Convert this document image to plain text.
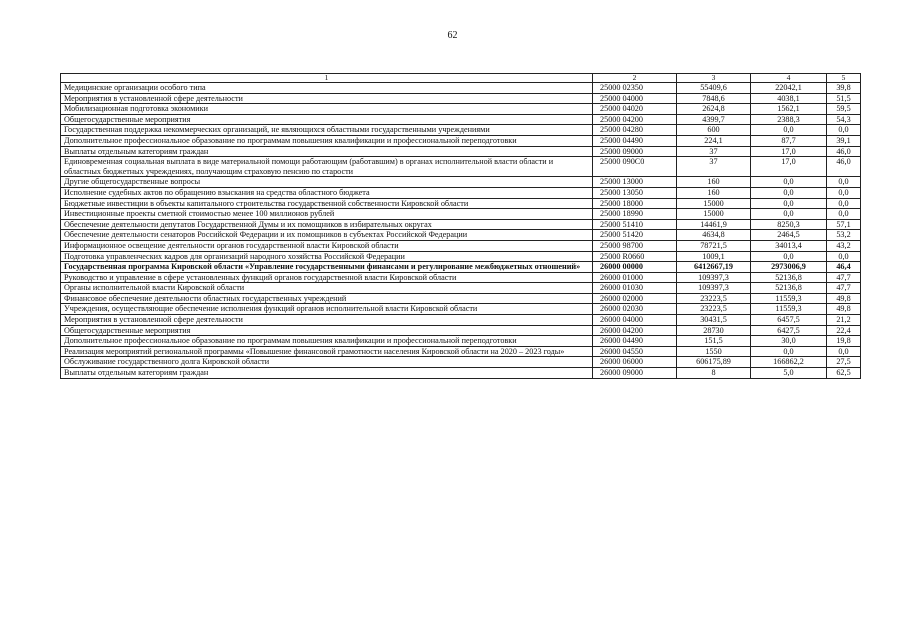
62
1	2	3	4	5
Медицинские организации особого типа	25000 02350	55409,6	22042,1	39,8
Мероприятия в установленной сфере деятельности	25000 04000	7848,6	4038,1	51,5
Мобилизационная подготовка экономики	25000 04020	2624,8	1562,1	59,5
Общегосударственные мероприятия	25000 04200	4399,7	2388,3	54,3
Государственная поддержка некоммерческих организаций, не являющихся областными государственными учреждениями	25000 04280	600	0,0	0,0
Дополнительное профессиональное образование по программам повышения квалификации и профессиональной переподготовки	25000 04490	224,1	87,7	39,1
Выплаты отдельным категориям граждан	25000 09000	37	17,0	46,0
Единовременная социальная выплата в виде материальной помощи работающим (работавшим) в органах исполнительной власти области и областных бюджетных учреждениях, получающим страховую пенсию по старости	25000 090С0	37	17,0	46,0
Другие общегосударственные вопросы	25000 13000	160	0,0	0,0
Исполнение судебных актов по обращению взыскания на средства областного бюджета	25000 13050	160	0,0	0,0
Бюджетные инвестиции в объекты капитального строительства государственной собственности Кировской области	25000 18000	15000	0,0	0,0
Инвестиционные проекты сметной стоимостью менее 100 миллионов рублей	25000 18990	15000	0,0	0,0
Обеспечение деятельности депутатов Государственной Думы и их помощников в избирательных округах	25000 51410	14461,9	8250,3	57,1
Обеспечение деятельности сенаторов Российской Федерации и их помощников в субъектах Российской Федерации	25000 51420	4634,8	2464,5	53,2
Информационное освещение деятельности органов государственной власти Кировской области	25000 98700	78721,5	34013,4	43,2
Подготовка управленческих кадров для организаций народного хозяйства Российской Федерации	25000 R0660	1009,1	0,0	0,0
Государственная программа Кировской области «Управление государственными финансами и регулирование межбюджетных отношений»	26000 00000	6412667,19	2973006,9	46,4
Руководство и управление в сфере установленных функций органов государственной власти Кировской области	26000 01000	109397,3	52136,8	47,7
Органы исполнительной власти Кировской области	26000 01030	109397,3	52136,8	47,7
Финансовое обеспечение деятельности областных государственных учреждений	26000 02000	23223,5	11559,3	49,8
Учреждения, осуществляющие обеспечение исполнения функций органов исполнительной власти Кировской области	26000 02030	23223,5	11559,3	49,8
Мероприятия в установленной сфере деятельности	26000 04000	30431,5	6457,5	21,2
Общегосударственные мероприятия	26000 04200	28730	6427,5	22,4
Дополнительное профессиональное образование по программам повышения квалификации и профессиональной переподготовки	26000 04490	151,5	30,0	19,8
Реализация мероприятий региональной программы «Повышение финансовой грамотности населения Кировской области на 2020 – 2023 годы»	26000 04550	1550	0,0	0,0
Обслуживание государственного долга Кировской области	26000 06000	606175,89	166862,2	27,5
Выплаты отдельным категориям граждан	26000 09000	8	5,0	62,5
